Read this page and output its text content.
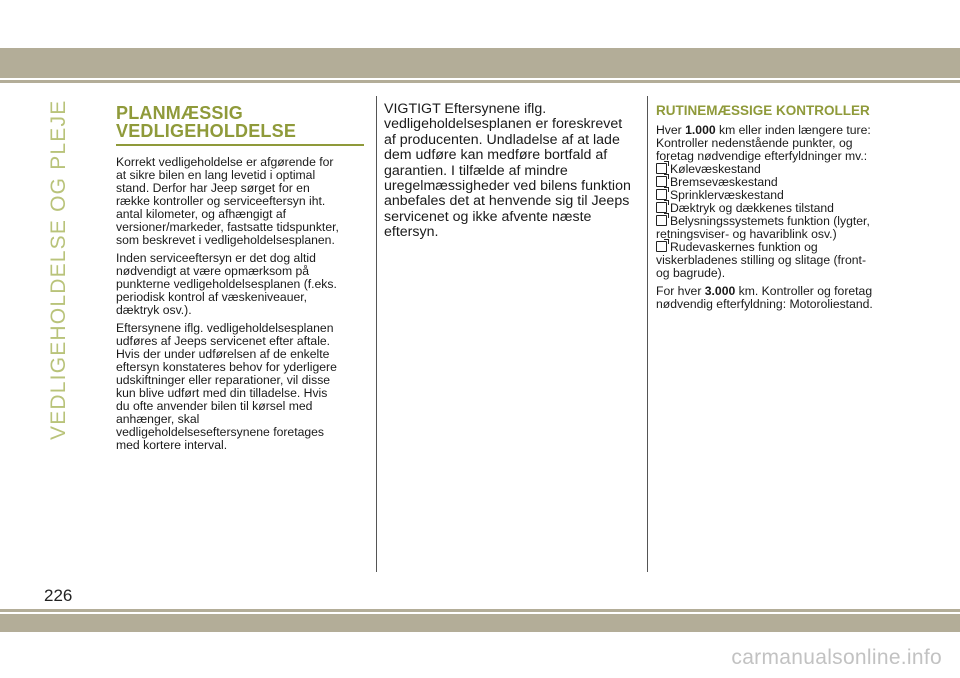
VEDLIGEHOLDELSE OG PLEJE	PLANMÆSSIG
VEDLIGEHOLDELSE

Korrekt vedligeholdelse er afgørende for
at sikre bilen en lang levetid i optimal
stand. Derfor har Jeep sørget for en
række kontroller og serviceeftersyn iht.
antal kilometer, og afhængigt af
versioner/markeder, fastsatte tidspunkter,
som beskrevet i vedligeholdelsesplanen.

Inden serviceeftersyn er det dog altid
nødvendigt at være opmærksom på
punkterne vedligeholdelsesplanen (f.eks.
periodisk kontrol af væskeniveauer,
dæktryk osv.).

Eftersynene iflg. vedligeholdelsesplanen
udføres af Jeeps servicenet efter aftale.
Hvis der under udførelsen af de enkelte
eftersyn konstateres behov for yderligere
udskiftninger eller reparationer, vil disse
kun blive udført med din tilladelse. Hvis
du ofte anvender bilen til kørsel med
anhænger, skal
vedligeholdelseseftersynene foretages
med kortere interval.

VIGTIGT Eftersynene iflg.
vedligeholdelsesplanen er foreskrevet
af producenten. Undladelse af at lade
dem udføre kan medføre bortfald af
garantien. I tilfælde af mindre
uregelmæssigheder ved bilens funktion
anbefales det at henvende sig til Jeeps
servicenet og ikke afvente næste
eftersyn.

RUTINEMÆSSIGE KONTROLLER

Hver 1.000 km eller inden længere ture:
Kontroller nedenstående punkter, og
foretag nødvendige efterfyldninger mv.:

Kølevæskestand
Bremsevæskestand
Sprinklervæskestand
Dæktryk og dækkenes tilstand
Belysningssystemets funktion (lygter,
retningsviser- og havariblink osv.)
Rudevaskernes funktion og
viskerbladenes stilling og slitage (front-
og bagrude).

For hver 3.000 km. Kontroller og foretag
nødvendig efterfyldning: Motoroliestand.

226
carmanualsonline.info
